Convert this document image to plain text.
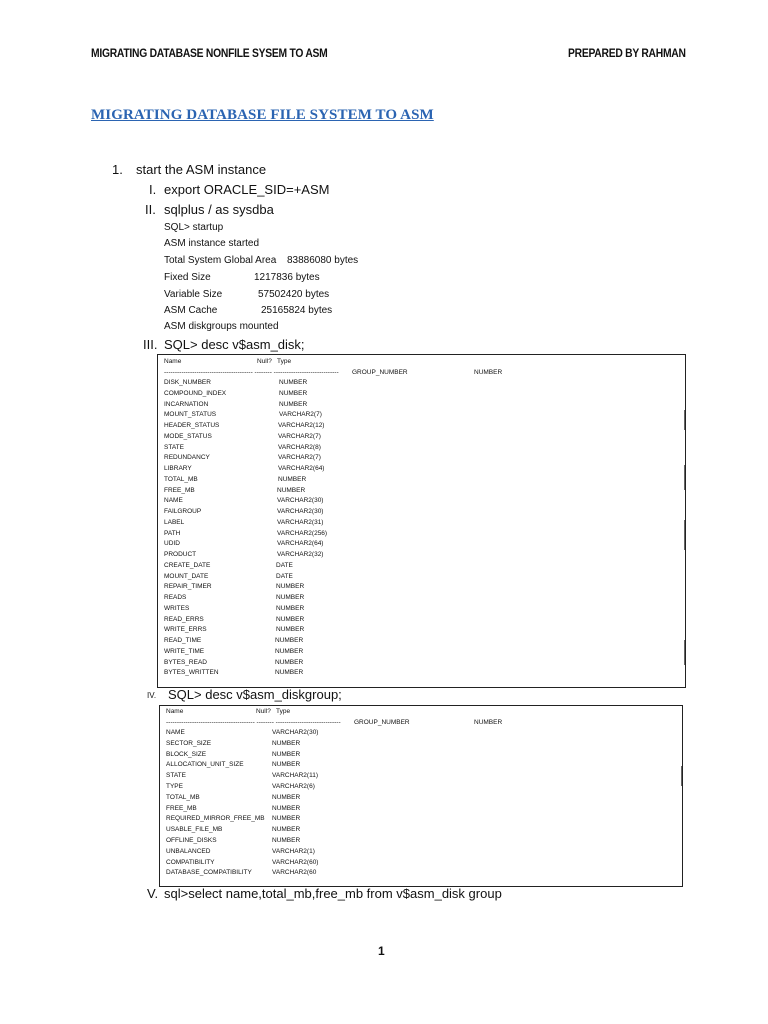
MIGRATING DATABASE NONFILE SYSEM TO ASM	PREPARED BY RAHMAN
MIGRATING DATABASE FILE SYSTEM TO ASM
1. start the ASM instance
I. export ORACLE_SID=+ASM
II. sqlplus / as sysdba
SQL> startup
ASM instance started
Total System Global Area 83886080 bytes
Fixed Size	1217836 bytes
Variable Size	57502420 bytes
ASM Cache	25165824 bytes
ASM diskgroups mounted
III. SQL> desc v$asm_disk;
Name	Null? Type
----------------------------------------- -------- ------------------------------ GROUP_NUMBER	NUMBER
DISK_NUMBER	NUMBER
COMPOUND_INDEX	NUMBER
INCARNATION	NUMBER
MOUNT_STATUS	VARCHAR2(7)
HEADER_STATUS	VARCHAR2(12)
MODE_STATUS	VARCHAR2(7)
STATE	VARCHAR2(8)
REDUNDANCY	VARCHAR2(7)
LIBRARY	VARCHAR2(64)
TOTAL_MB	NUMBER
FREE_MB	NUMBER
NAME	VARCHAR2(30)
FAILGROUP	VARCHAR2(30)
LABEL	VARCHAR2(31)
PATH	VARCHAR2(256)
UDID	VARCHAR2(64)
PRODUCT	VARCHAR2(32)
CREATE_DATE	DATE
MOUNT_DATE	DATE
REPAIR_TIMER	NUMBER
READS	NUMBER
WRITES	NUMBER
READ_ERRS	NUMBER
WRITE_ERRS	NUMBER
READ_TIME	NUMBER
WRITE_TIME	NUMBER
BYTES_READ	NUMBER
BYTES_WRITTEN	NUMBER
IV. SQL> desc v$asm_diskgroup;
Name	Null? Type
----------------------------------------- -------- ------------------------------ GROUP_NUMBER	NUMBER
NAME	VARCHAR2(30)
SECTOR_SIZE	NUMBER
BLOCK_SIZE	NUMBER
ALLOCATION_UNIT_SIZE	NUMBER
STATE	VARCHAR2(11)
TYPE	VARCHAR2(6)
TOTAL_MB	NUMBER
FREE_MB	NUMBER
REQUIRED_MIRROR_FREE_MB NUMBER
USABLE_FILE_MB	NUMBER
OFFLINE_DISKS	NUMBER
UNBALANCED	VARCHAR2(1)
COMPATIBILITY	VARCHAR2(60)
DATABASE_COMPATIBILITY	VARCHAR2(60
V. sql>select name,total_mb,free_mb from v$asm_disk group
1
